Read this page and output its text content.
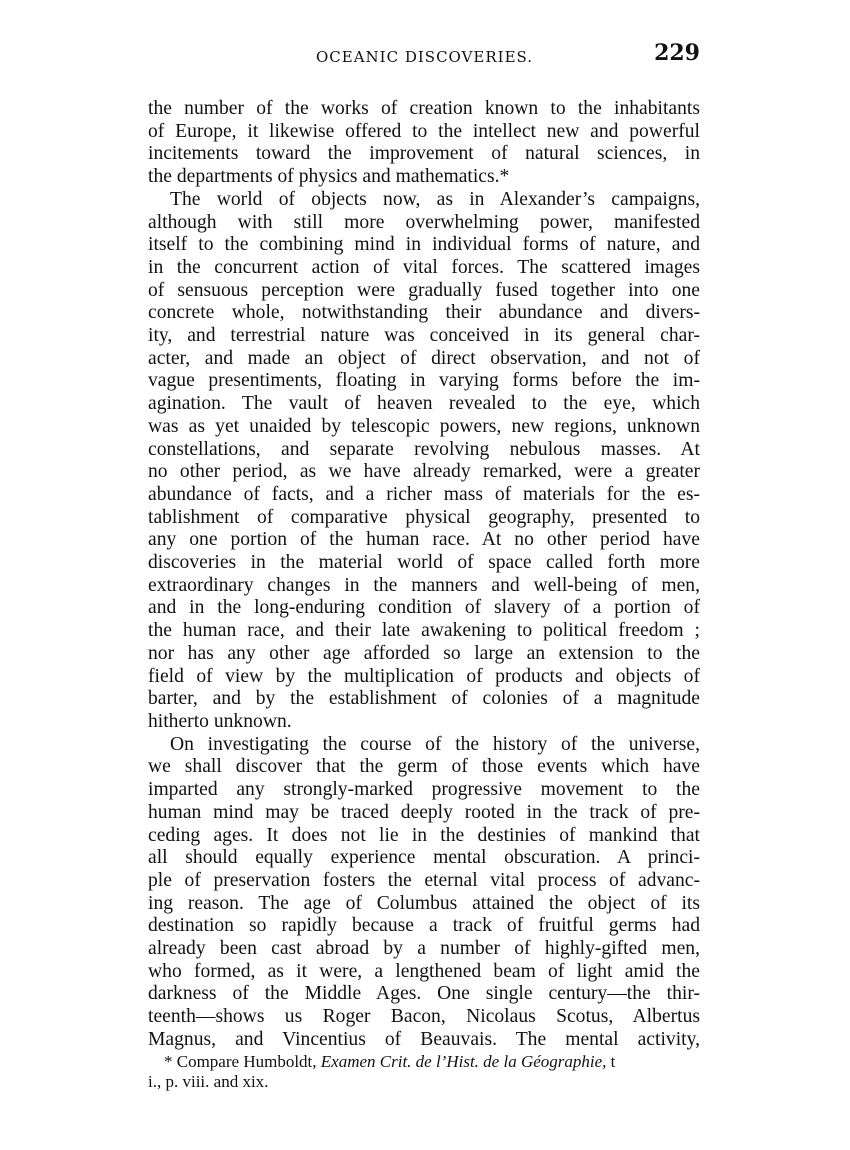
OCEANIC DISCOVERIES.	229
the number of the works of creation known to the inhabitants
of Europe, it likewise offered to the intellect new and powerful
incitements toward the improvement of natural sciences, in
the departments of physics and mathematics.*
The world of objects now, as in Alexander’s campaigns,
although with still more overwhelming power, manifested
itself to the combining mind in individual forms of nature, and
in the concurrent action of vital forces. The scattered images
of sensuous perception were gradually fused together into one
concrete whole, notwithstanding their abundance and divers-
ity, and terrestrial nature was conceived in its general char-
acter, and made an object of direct observation, and not of
vague presentiments, floating in varying forms before the im-
agination. The vault of heaven revealed to the eye, which
was as yet unaided by telescopic powers, new regions, unknown
constellations, and separate revolving nebulous masses. At
no other period, as we have already remarked, were a greater
abundance of facts, and a richer mass of materials for the es-
tablishment of comparative physical geography, presented to
any one portion of the human race. At no other period have
discoveries in the material world of space called forth more
extraordinary changes in the manners and well-being of men,
and in the long-enduring condition of slavery of a portion of
the human race, and their late awakening to political freedom ;
nor has any other age afforded so large an extension to the
field of view by the multiplication of products and objects of
barter, and by the establishment of colonies of a magnitude
hitherto unknown.
On investigating the course of the history of the universe,
we shall discover that the germ of those events which have
imparted any strongly-marked progressive movement to the
human mind may be traced deeply rooted in the track of pre-
ceding ages. It does not lie in the destinies of mankind that
all should equally experience mental obscuration. A princi-
ple of preservation fosters the eternal vital process of advanc-
ing reason. The age of Columbus attained the object of its
destination so rapidly because a track of fruitful germs had
already been cast abroad by a number of highly-gifted men,
who formed, as it were, a lengthened beam of light amid the
darkness of the Middle Ages. One single century—the thir-
teenth—shows us Roger Bacon, Nicolaus Scotus, Albertus
Magnus, and Vincentius of Beauvais. The mental activity,
* Compare Humboldt, Examen Crit. de l’Hist. de la Géographie, t
i., p. viii. and xix.
